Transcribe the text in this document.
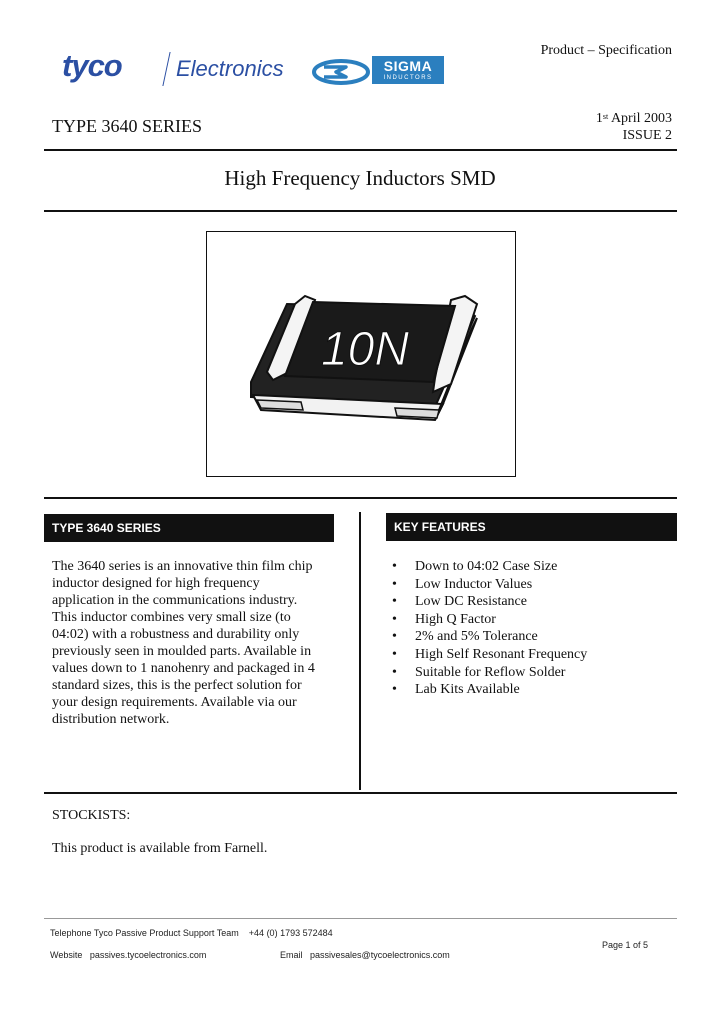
tyco Electronics	SIGMA
INDUCTORS
Product – Specification
TYPE 3640 SERIES	1st April 2003
ISSUE 2
High Frequency Inductors SMD
10N
TYPE 3640 SERIES
The 3640 series is an innovative thin film chip
inductor designed for high frequency
application in the communications industry.
This inductor combines very small size (to
04:02) with a robustness and durability only
previously seen in moulded parts. Available in
values down to 1 nanohenry and packaged in 4
standard sizes, this is the perfect solution for
your design requirements. Available via our
distribution network.
KEY FEATURES
• Down to 04:02 Case Size
• Low Inductor Values
• Low DC Resistance
• High Q Factor
• 2% and 5% Tolerance
• High Self Resonant Frequency
• Suitable for Reflow Solder
• Lab Kits Available
STOCKISTS:
This product is available from Farnell.
Telephone Tyco Passive Product Support Team +44 (0) 1793 572484
Page 1 of 5
Website passives.tycoelectronics.com	Email passivesales@tycoelectronics.com
